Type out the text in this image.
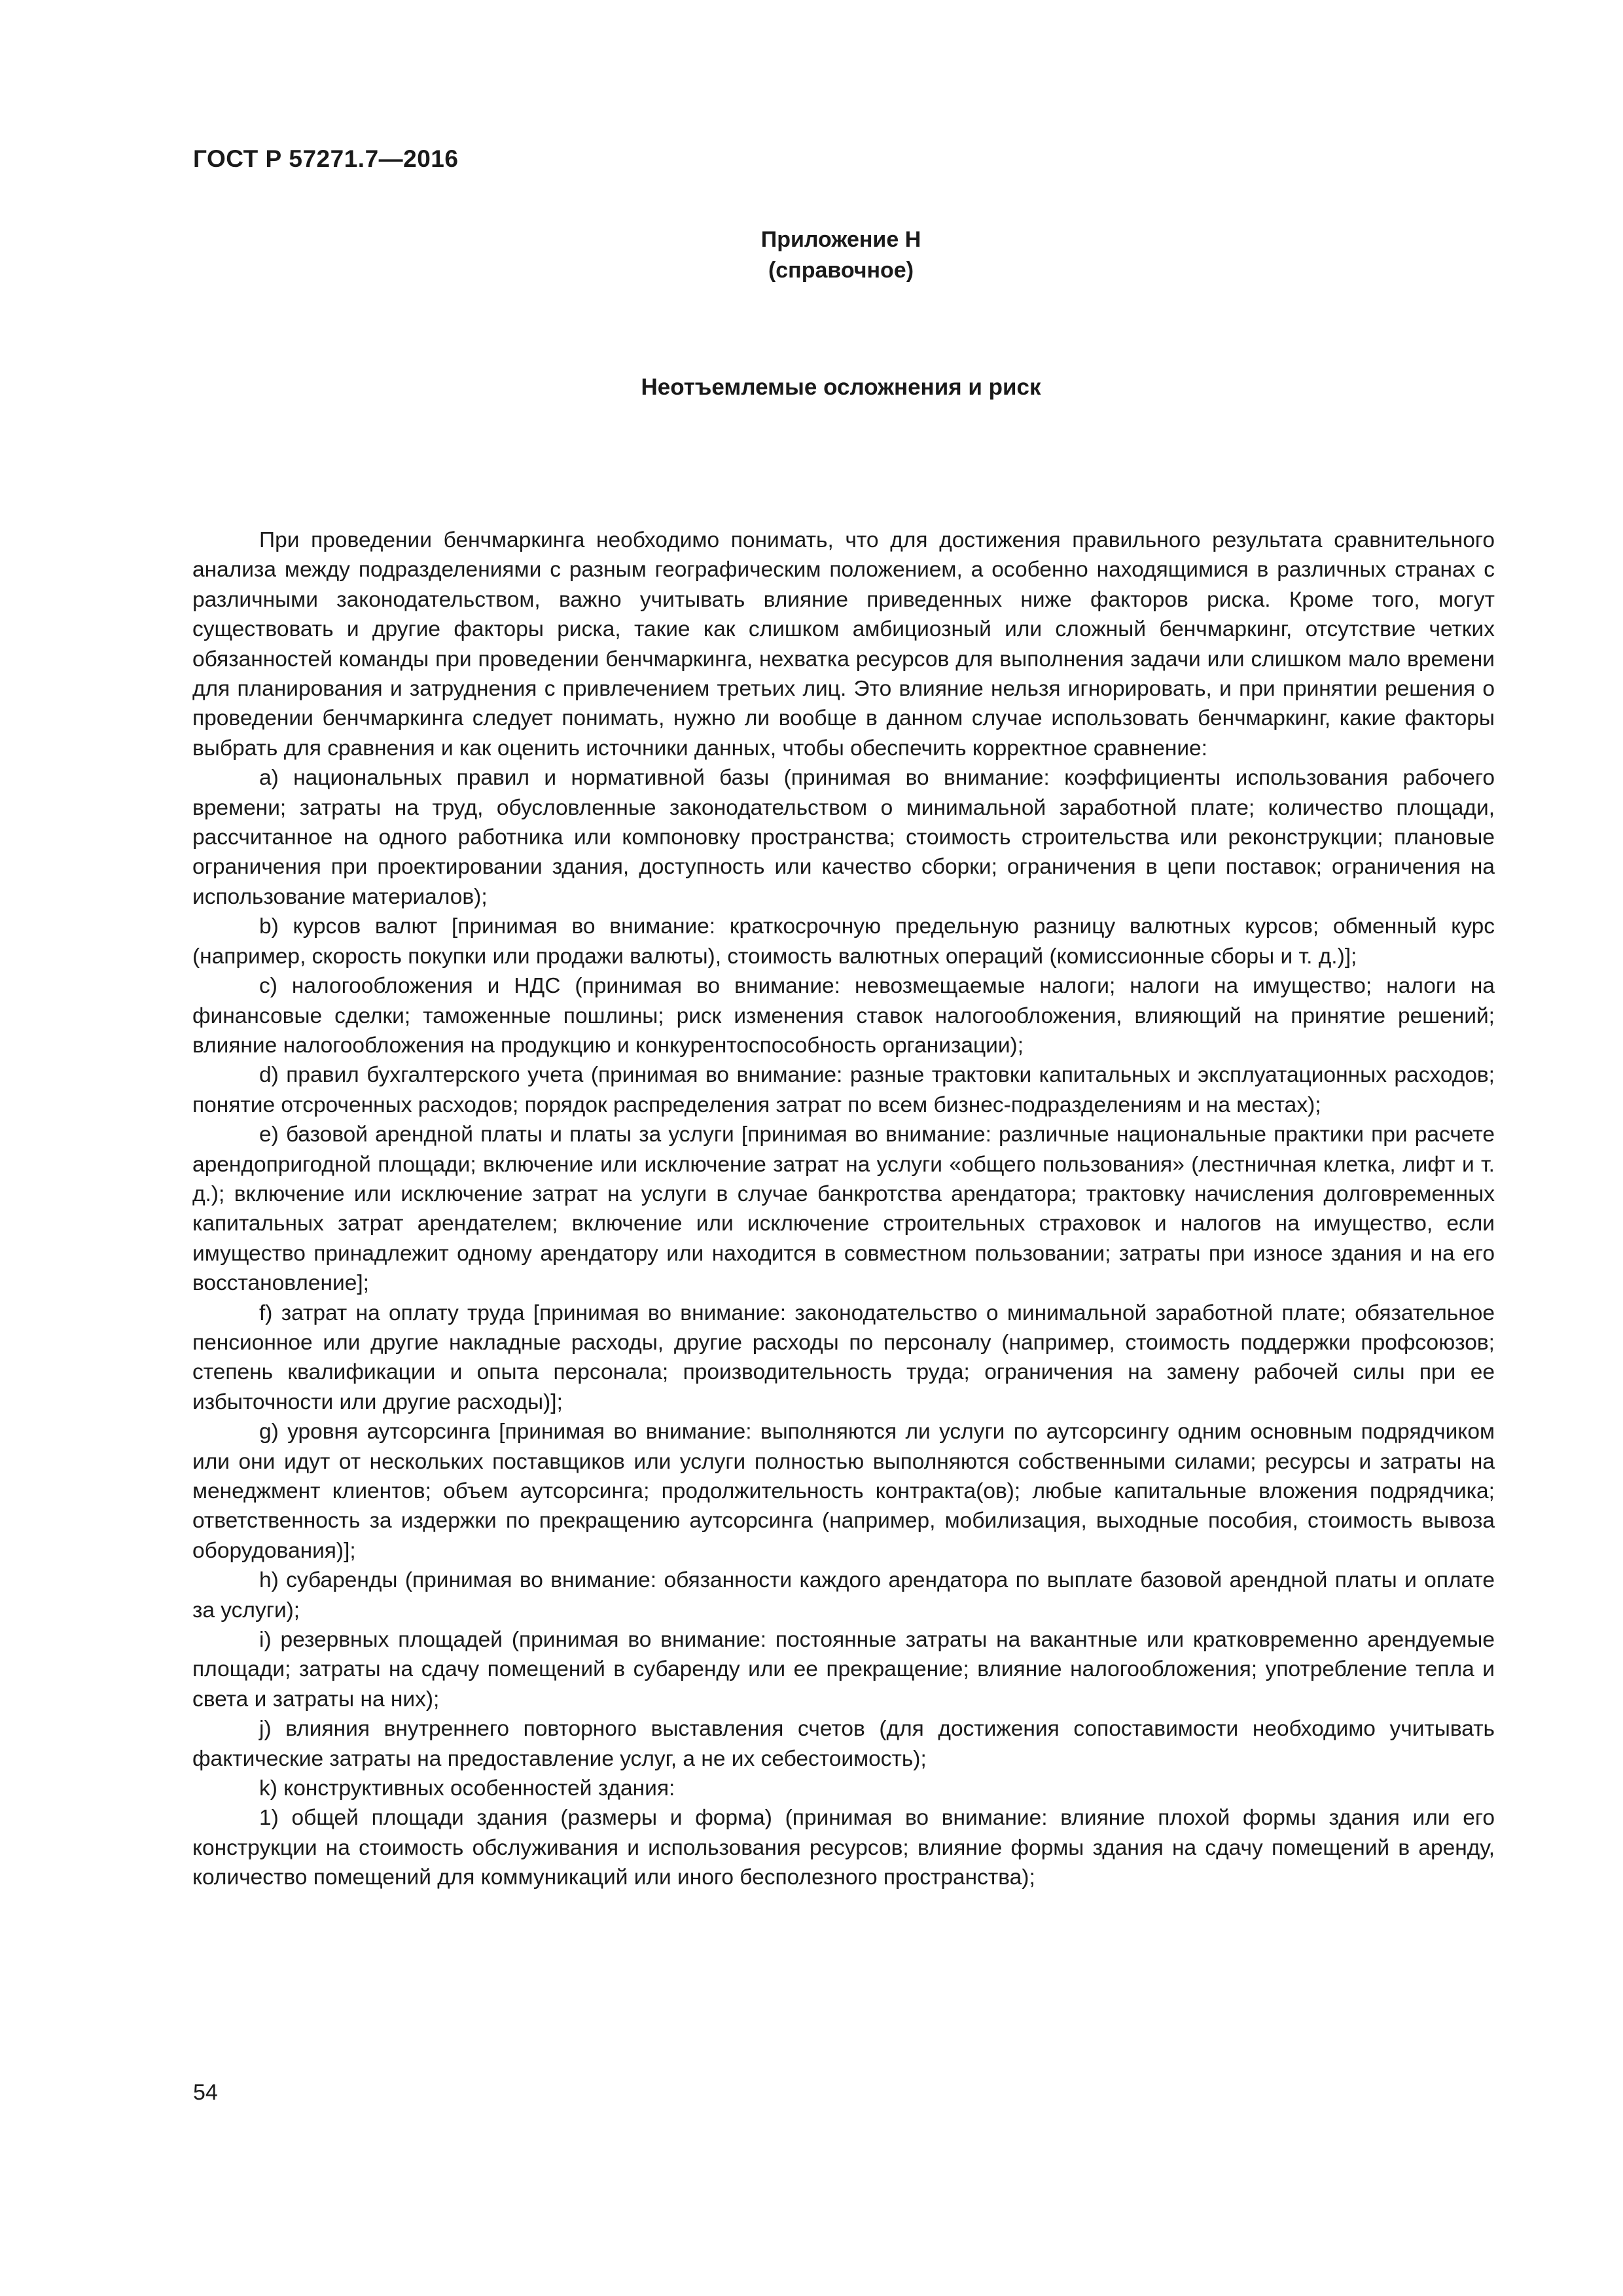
ГОСТ Р 57271.7—2016

Приложение Н
(справочное)
Неотъемлемые осложнения и риск

При проведении бенчмаркинга необходимо понимать, что для достижения правильного результата сравнительного анализа между подразделениями с разным географическим положением, а особенно находящимися в различных странах с различными законодательством, важно учитывать влияние приведенных ниже факторов риска. Кроме того, могут существовать и другие факторы риска, такие как слишком амбициозный или сложный бенчмаркинг, отсутствие четких обязанностей команды при проведении бенчмаркинга, нехватка ресурсов для выполнения задачи или слишком мало времени для планирования и затруднения с привлечением третьих лиц. Это влияние нельзя игнорировать, и при принятии решения о проведении бенчмаркинга следует понимать, нужно ли вообще в данном случае использовать бенчмаркинг, какие факторы выбрать для сравнения и как оценить источники данных, чтобы обеспечить корректное сравнение:

a) национальных правил и нормативной базы (принимая во внимание: коэффициенты использования рабочего времени; затраты на труд, обусловленные законодательством о минимальной заработной плате; количество площади, рассчитанное на одного работника или компоновку пространства; стоимость строительства или реконструкции; плановые ограничения при проектировании здания, доступность или качество сборки; ограничения в цепи поставок; ограничения на использование материалов);

b) курсов валют [принимая во внимание: краткосрочную предельную разницу валютных курсов; обменный курс (например, скорость покупки или продажи валюты), стоимость валютных операций (комиссионные сборы и т. д.)];

c) налогообложения и НДС (принимая во внимание: невозмещаемые налоги; налоги на имущество; налоги на финансовые сделки; таможенные пошлины; риск изменения ставок налогообложения, влияющий на принятие решений; влияние налогообложения на продукцию и конкурентоспособность организации);

d) правил бухгалтерского учета (принимая во внимание: разные трактовки капитальных и эксплуатационных расходов; понятие отсроченных расходов; порядок распределения затрат по всем бизнес-подразделениям и на местах);

e) базовой арендной платы и платы за услуги [принимая во внимание: различные национальные практики при расчете арендопригодной площади; включение или исключение затрат на услуги «общего пользования» (лестничная клетка, лифт и т. д.); включение или исключение затрат на услуги в случае банкротства арендатора; трактовку начисления долговременных капитальных затрат арендателем; включение или исключение строительных страховок и налогов на имущество, если имущество принадлежит одному арендатору или находится в совместном пользовании; затраты при износе здания и на его восстановление];

f) затрат на оплату труда [принимая во внимание: законодательство о минимальной заработной плате; обязательное пенсионное или другие накладные расходы, другие расходы по персоналу (например, стоимость поддержки профсоюзов; степень квалификации и опыта персонала; производительность труда; ограничения на замену рабочей силы при ее избыточности или другие расходы)];

g) уровня аутсорсинга [принимая во внимание: выполняются ли услуги по аутсорсингу одним основным подрядчиком или они идут от нескольких поставщиков или услуги полностью выполняются собственными силами; ресурсы и затраты на менеджмент клиентов; объем аутсорсинга; продолжительность контракта(ов); любые капитальные вложения подрядчика; ответственность за издержки по прекращению аутсорсинга (например, мобилизация, выходные пособия, стоимость вывоза оборудования)];

h) субаренды (принимая во внимание: обязанности каждого арендатора по выплате базовой арендной платы и оплате за услуги);

i) резервных площадей (принимая во внимание: постоянные затраты на вакантные или кратковременно арендуемые площади; затраты на сдачу помещений в субаренду или ее прекращение; влияние налогообложения; употребление тепла и света и затраты на них);

j) влияния внутреннего повторного выставления счетов (для достижения сопоставимости необходимо учитывать фактические затраты на предоставление услуг, а не их себестоимость);

k) конструктивных особенностей здания:

1) общей площади здания (размеры и форма) (принимая во внимание: влияние плохой формы здания или его конструкции на стоимость обслуживания и использования ресурсов; влияние формы здания на сдачу помещений в аренду, количество помещений для коммуникаций или иного бесполезного пространства);

54
